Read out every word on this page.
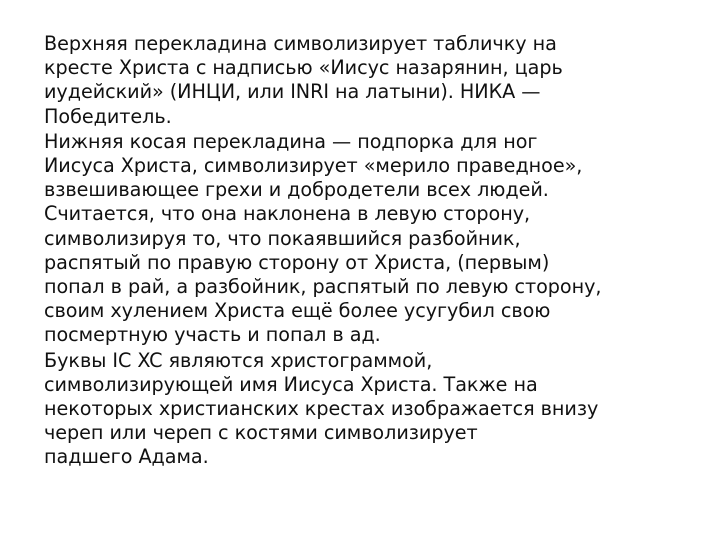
Верхняя перекладина символизирует табличку на
кресте Христа с надписью «Иисус назарянин, царь
иудейский» (ИНЦИ, или INRI на латыни). НИКА —
Победитель.

Нижняя косая перекладина — подпорка для ног
Иисуса Христа, символизирует «мерило праведное»,
взвешивающее грехи и добродетели всех людей.
Считается, что она наклонена в левую сторону,
символизируя то, что покаявшийся разбойник,
распятый по правую сторону от Христа, (первым)
попал в рай, а разбойник, распятый по левую сторону,
своим хулением Христа ещё более усугубил свою
посмертную участь и попал в ад.

Буквы IC XC являются христограммой,
символизирующей имя Иисуса Христа. Также на
некоторых христианских крестах изображается внизу
череп или череп с костями символизирует
падшего Адама.
